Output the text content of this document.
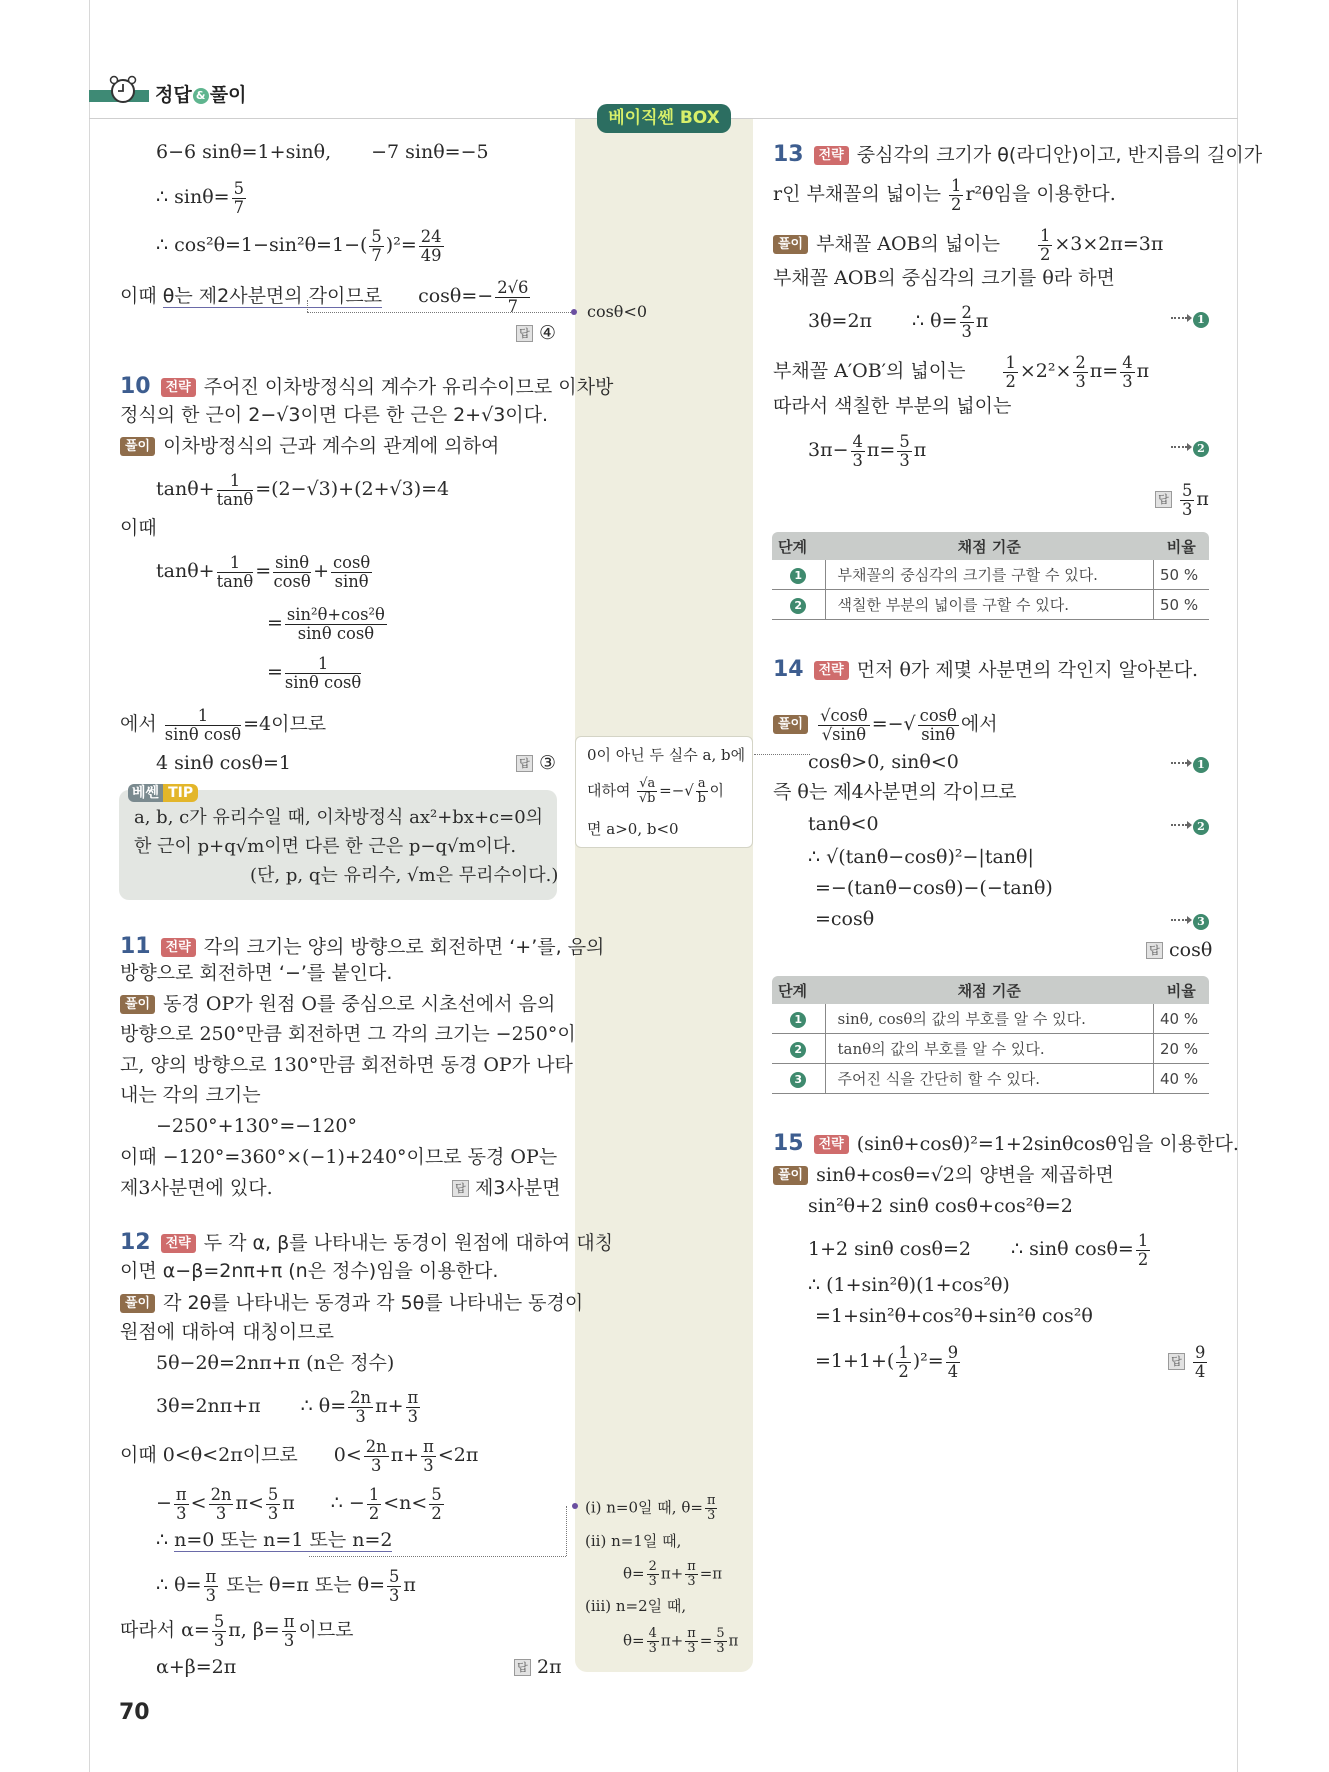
정답 & 풀이
베이직쎈 BOX
6−6 sinθ=1+sinθ, −7 sinθ=−5
∴ $\sin\theta= \frac{5}{7}$
∴ $\cos^2\theta=1-\sin^2\theta=1-( \frac{5}{7} )^2= \frac{24}{49}$
이때 θ는 제2사분면의 각이므로 $\cos\theta=- \frac{2√6}{7}$	cosθ<0
답 ④
10 전략 주어진 이차방정식의 계수가 유리수이므로 이차방
정식의 한 근이 2−√3이면 다른 한 근은 2+√3이다.
풀이 이차방정식의 근과 계수의 관계에 의하여
$\tan\theta+ \frac{1}{\tan\theta} =(2-√3)+(2+√3)=4$
이때
$\tan\theta+ \frac{1}{\tan\theta} = \frac{\sin\theta}{\cos\theta} + \frac{\cos\theta}{\sin\theta}$
= $\frac{\text{sin²θ+cos²θ}}{\text{sinθ cosθ}}$
= $\frac{1}{\text{sinθ cosθ}}$
에서 $\frac{1}{\text{sinθ cosθ}} =4$이므로
4 sinθ cosθ=1	답 ③
베쎈 TIP
a, b, c가 유리수일 때, 이차방정식 ax²+bx+c=0의
한 근이 p+q√m이면 다른 한 근은 p−q√m이다.
(단, p, q는 유리수, √m은 무리수이다.)
0이 아닌 두 실수 a, b에
대하여 $\frac{√a}{√b}$ =−√ $\frac{a}{b}$ 이
면 a>0, b<0
11 전략 각의 크기는 양의 방향으로 회전하면 ‘+’를, 음의
방향으로 회전하면 ‘−’를 붙인다.
풀이 동경 OP가 원점 O를 중심으로 시초선에서 음의
방향으로 250°만큼 회전하면 그 각의 크기는 −250°이
고, 양의 방향으로 130°만큼 회전하면 동경 OP가 나타
내는 각의 크기는
−250°+130°=−120°
이때 −120°=360°×(−1)+240°이므로 동경 OP는
제3사분면에 있다.	답 제3사분면
12 전략 두 각 α, β를 나타내는 동경이 원점에 대하여 대칭
이면 α−β=2nπ+π (n은 정수)임을 이용한다.
풀이 각 2θ를 나타내는 동경과 각 5θ를 나타내는 동경이
원점에 대하여 대칭이므로
5θ−2θ=2nπ+π (n은 정수)
3θ=2nπ+π ∴ $\theta= \frac{2n}{3} \pi+ \frac{\pi}{3}$
이때 0<θ<2π이므로 $0< \frac{2n}{3} \pi+ \frac{\pi}{3} <2\pi$
− $\frac{\pi}{3} < \frac{2n}{3} \pi< \frac{5}{3}$ π ∴ − $\frac{1}{2} <n< \frac{5}{2}$
∴ n=0 또는 n=1 또는 n=2
∴ $\theta= \frac{\pi}{3}$ 또는 θ=π 또는 $\theta= \frac{5}{3}$ π
따라서 $\alpha= \frac{5}{3} \pi$, $\beta= \frac{\pi}{3}$ 이므로
α+β=2π	답 2π
(i) n=0일 때, $\theta= \frac{\pi}{3}$
(ii) n=1일 때,
$\theta= \frac{2}{3} \pi+ \frac{\pi}{3} =\pi$
(iii) n=2일 때,
$\theta= \frac{4}{3} \pi+ \frac{\pi}{3} = \frac{5}{3}$ π
70
13 전략 중심각의 크기가 θ(라디안)이고, 반지름의 길이가
r인 부채꼴의 넓이는 $\frac{1}{2} r^2\theta$임을 이용한다.
풀이 부채꼴 AOB의 넓이는 $\frac{1}{2} \times 3\times 2\pi=3\pi$
부채꼴 AOB의 중심각의 크기를 θ라 하면
3θ=2π ∴ $\theta= \frac{2}{3}$ π	1
부채꼴 A′OB′의 넓이는 $\frac{1}{2} \times 2^2\times \frac{2}{3} \pi= \frac{4}{3}$ π
따라서 색칠한 부분의 넓이는
$3\pi- \frac{4}{3} \pi= \frac{5}{3}$ π	2
답 $\frac{5}{3}$ π
단계	채점 기준	비율
1	부채꼴의 중심각의 크기를 구할 수 있다.	50 %
2	색칠한 부분의 넓이를 구할 수 있다.	50 %
14 전략 먼저 θ가 제몇 사분면의 각인지 알아본다.
풀이 $\frac{√\cos\theta}{√\sin\theta}$ =−√ $\frac{\cos\theta}{\sin\theta}$ 에서
cosθ>0, sinθ<0	1
즉 θ는 제4사분면의 각이므로
tanθ<0	2
∴ √(tanθ−cosθ)²−|tanθ|
=−(tanθ−cosθ)−(−tanθ)
=cosθ	3
답 cosθ
단계	채점 기준	비율
1	sinθ, cosθ의 값의 부호를 알 수 있다.	40 %
2	tanθ의 값의 부호를 알 수 있다.	20 %
3	주어진 식을 간단히 할 수 있다.	40 %
15 전략 (sinθ+cosθ)²=1+2sinθcosθ임을 이용한다.
풀이 sinθ+cosθ=√2의 양변을 제곱하면
sin²θ+2 sinθ cosθ+cos²θ=2
1+2 sinθ cosθ=2 ∴ sinθ $\cos\theta= \frac{1}{2}$
∴ (1+sin²θ)(1+cos²θ)
=1+sin²θ+cos²θ+sin²θ cos²θ
$=1+1+( \frac{1}{2} )^2= \frac{9}{4}$	답 $\frac{9}{4}$
